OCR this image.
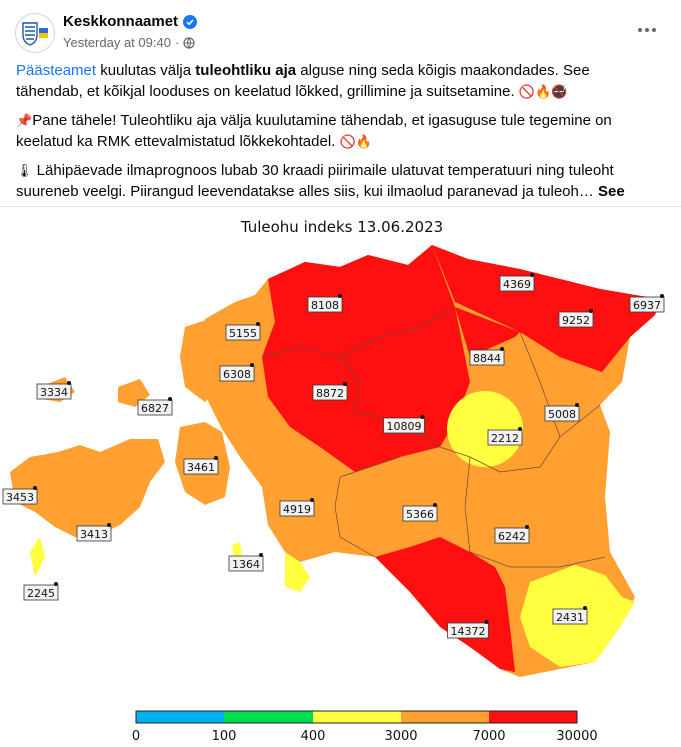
Keskkonnaamet
Yesterday at 09:40 ·

Päästeamet kuulutas välja tuleohtliku aja alguse ning seda kõigis maakondades. See tähendab, et kõikjal looduses on keelatud lõkked, grillimine ja suitsetamine. 🚫🔥🚭

📌Pane tähele! Tuleohtliku aja välja kuulutamine tähendab, et igasuguse tule tegemine on keelatud ka RMK ettevalmistatud lõkkekohtadel. 🚫🔥

🌡 Lähipäevade ilmaprognoos lubab 30 kraadi piirimaile ulatuvat temperatuuri ning tuleoht suureneb veelgi. Piirangud leevendatakse alles siis, kui ilmaolud paranevad ja tuleoh… See

Tuleohu indeks 13.06.2023
8108
4369
9252
6937
5155
6308
8844
3334
6827
8872
10809
2212
5008
3461
3453
4919	5366
3413	6242
1364
2245
14372
2431
0	100	400	3000	7000	30000
